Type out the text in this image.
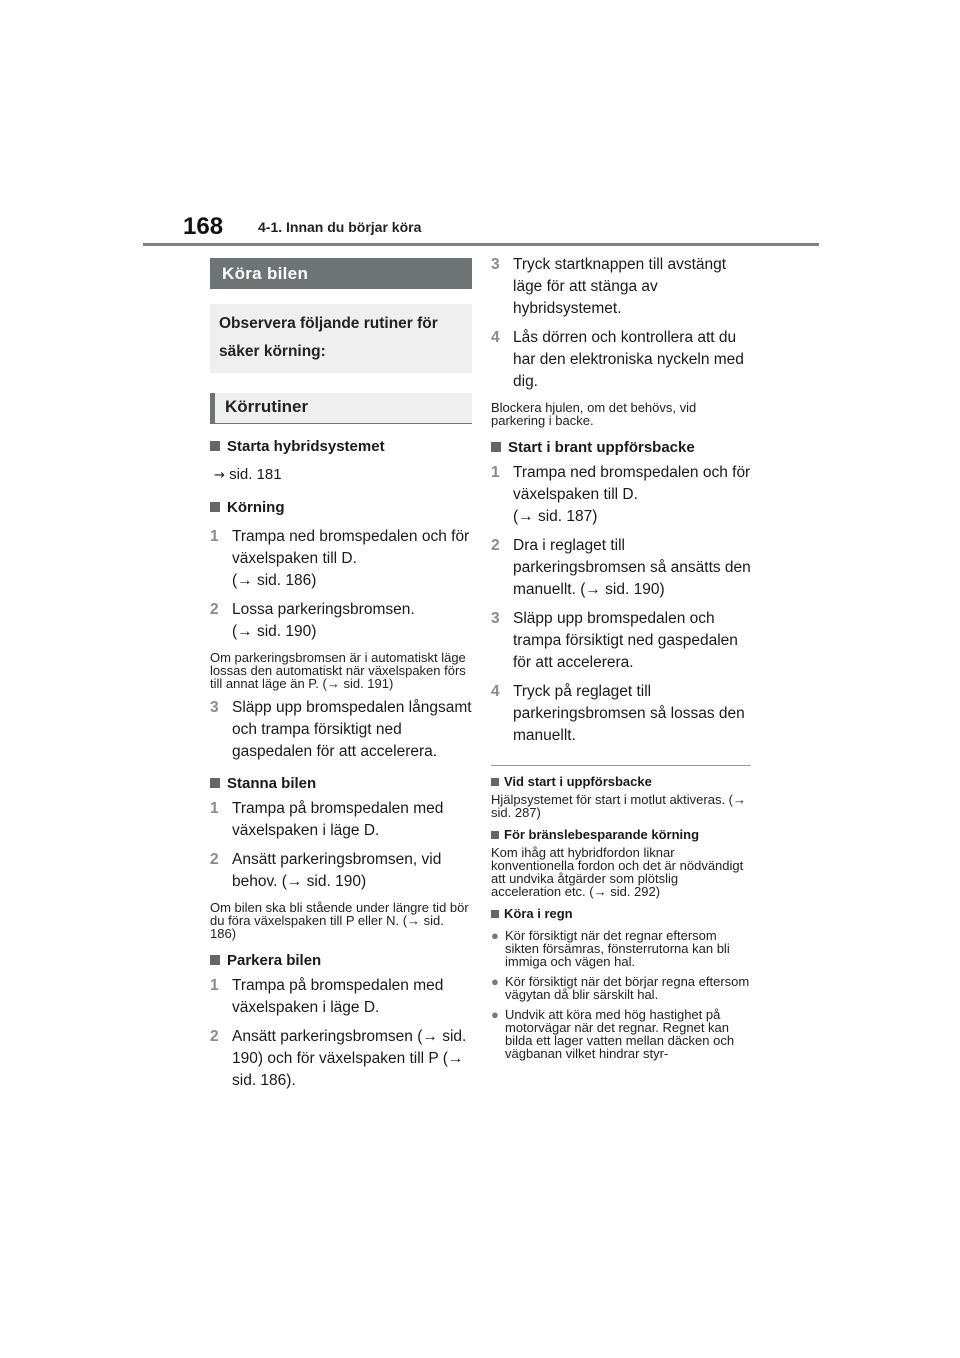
168 4-1. Innan du börjar köra
Köra bilen
Observera följande rutiner för säker körning:
Körrutiner
Starta hybridsystemet
→ sid. 181
Körning
1 Trampa ned bromspedalen och för växelspaken till D.
(→ sid. 186)
2 Lossa parkeringsbromsen.
(→ sid. 190)
Om parkeringsbromsen är i automatiskt läge lossas den automatiskt när växelspaken förs till annat läge än P. (→ sid. 191)
3 Släpp upp bromspedalen långsamt och trampa försiktigt ned gaspedalen för att accelerera.
Stanna bilen
1 Trampa på bromspedalen med växelspaken i läge D.
2 Ansätt parkeringsbromsen, vid behov. (→ sid. 190)
Om bilen ska bli stående under längre tid bör du föra växelspaken till P eller N. (→ sid. 186)
Parkera bilen
1 Trampa på bromspedalen med växelspaken i läge D.
2 Ansätt parkeringsbromsen (→ sid. 190) och för växelspaken till P (→ sid. 186).
3 Tryck startknappen till avstängt läge för att stänga av hybridsystemet.
4 Lås dörren och kontrollera att du har den elektroniska nyckeln med dig.
Blockera hjulen, om det behövs, vid parkering i backe.
Start i brant uppförsbacke
1 Trampa ned bromspedalen och för växelspaken till D.
(→ sid. 187)
2 Dra i reglaget till parkeringsbromsen så ansätts den manuellt. (→ sid. 190)
3 Släpp upp bromspedalen och trampa försiktigt ned gaspedalen för att accelerera.
4 Tryck på reglaget till parkeringsbromsen så lossas den manuellt.
Vid start i uppförsbacke
Hjälpsystemet för start i motlut aktiveras. (→ sid. 287)
För bränslebesparande körning
Kom ihåg att hybridfordon liknar konventionella fordon och det är nödvändigt att undvika åtgärder som plötslig acceleration etc. (→ sid. 292)
Köra i regn
● Kör försiktigt när det regnar eftersom sikten försämras, fönsterrutorna kan bli immiga och vägen hal.
● Kör försiktigt när det börjar regna eftersom vägytan då blir särskilt hal.
● Undvik att köra med hög hastighet på motorvägar när det regnar. Regnet kan bilda ett lager vatten mellan däcken och vägbanan vilket hindrar styr-
